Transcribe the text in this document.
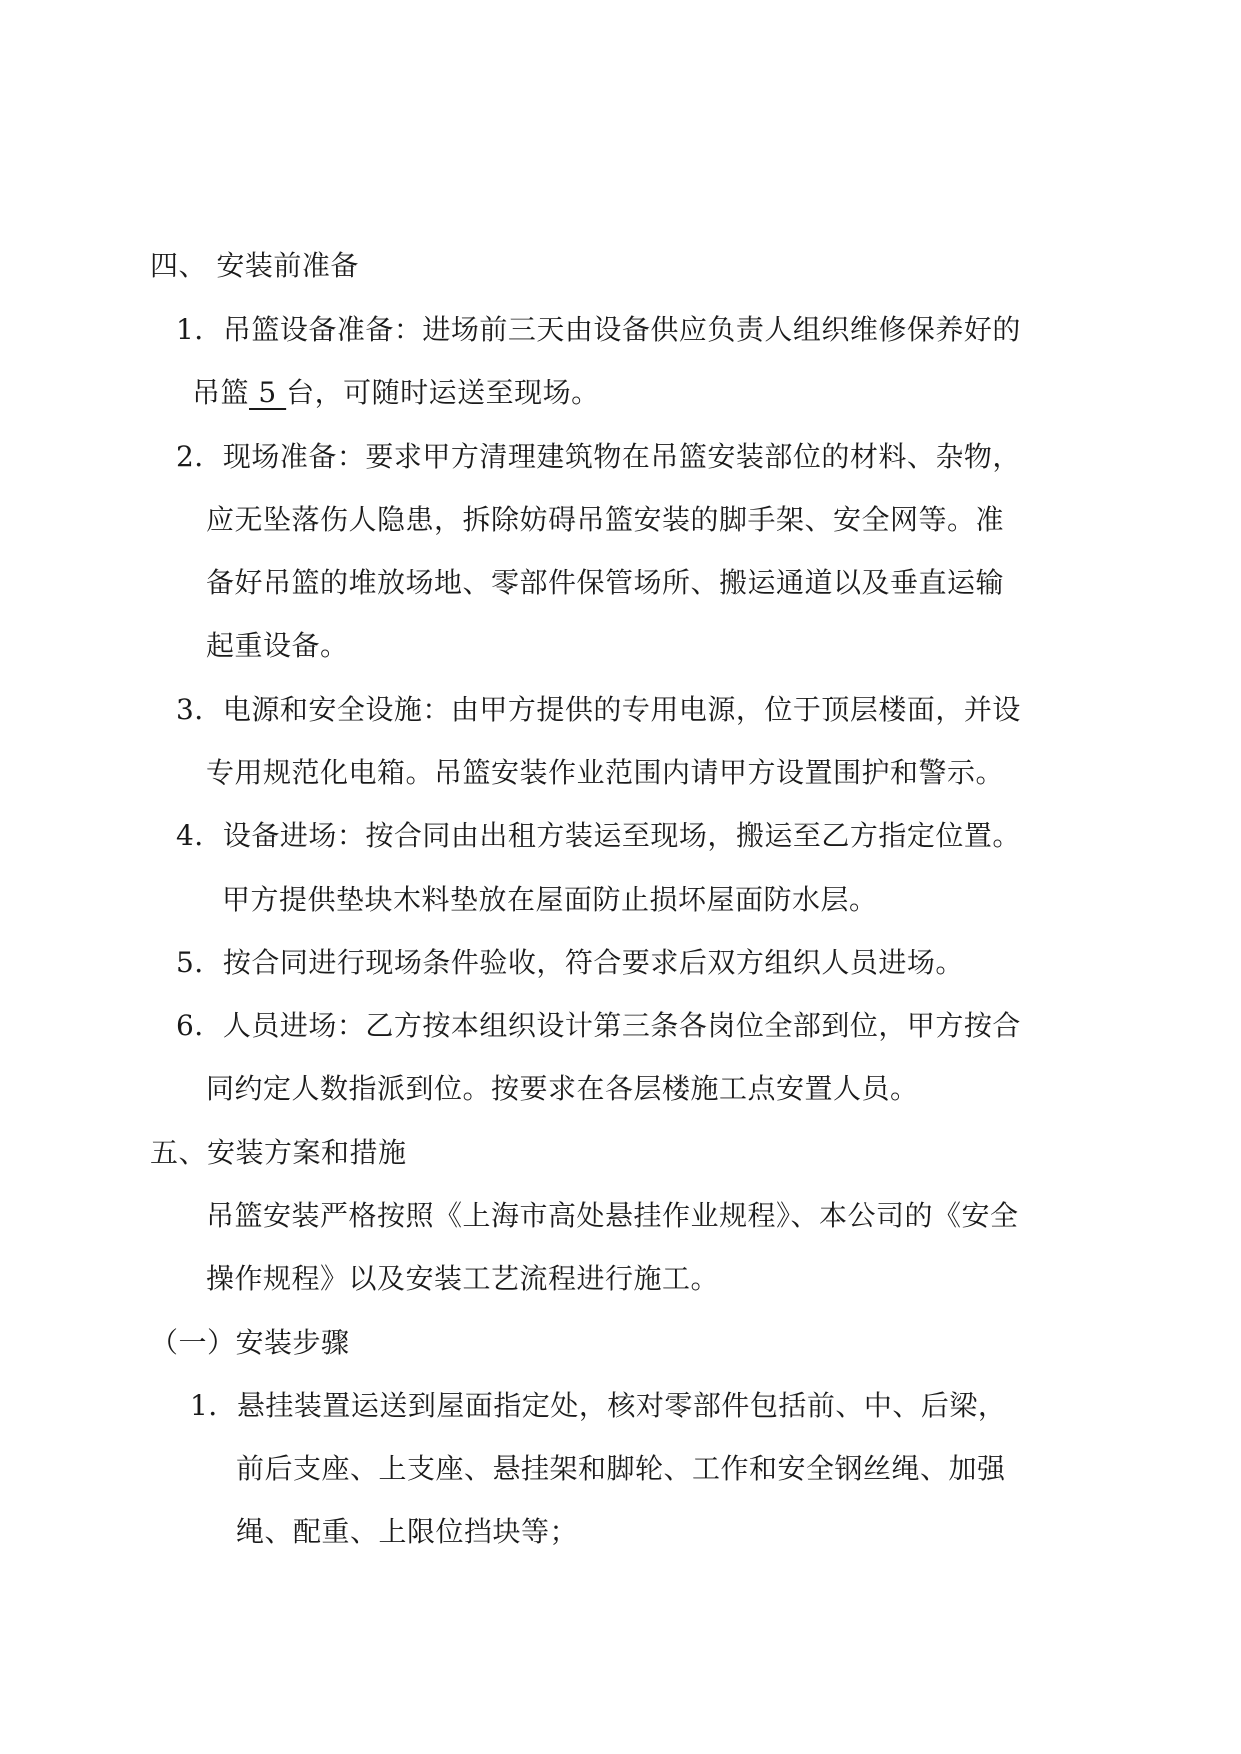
四、 安装前准备
1．吊篮设备准备：进场前三天由设备供应负责人组织维修保养好的
吊篮 5 台，可随时运送至现场。
2．现场准备：要求甲方清理建筑物在吊篮安装部位的材料、杂物，
应无坠落伤人隐患，拆除妨碍吊篮安装的脚手架、安全网等。准
备好吊篮的堆放场地、零部件保管场所、搬运通道以及垂直运输
起重设备。
3．电源和安全设施：由甲方提供的专用电源，位于顶层楼面，并设
专用规范化电箱。吊篮安装作业范围内请甲方设置围护和警示。
4．设备进场：按合同由出租方装运至现场，搬运至乙方指定位置。
甲方提供垫块木料垫放在屋面防止损坏屋面防水层。
5．按合同进行现场条件验收，符合要求后双方组织人员进场。
6．人员进场：乙方按本组织设计第三条各岗位全部到位，甲方按合
同约定人数指派到位。按要求在各层楼施工点安置人员。
五、安装方案和措施
吊篮安装严格按照《上海市高处悬挂作业规程》、本公司的《安全
操作规程》以及安装工艺流程进行施工。
（一）安装步骤
1．悬挂装置运送到屋面指定处，核对零部件包括前、中、后梁，
前后支座、上支座、悬挂架和脚轮、工作和安全钢丝绳、加强
绳、配重、上限位挡块等；
